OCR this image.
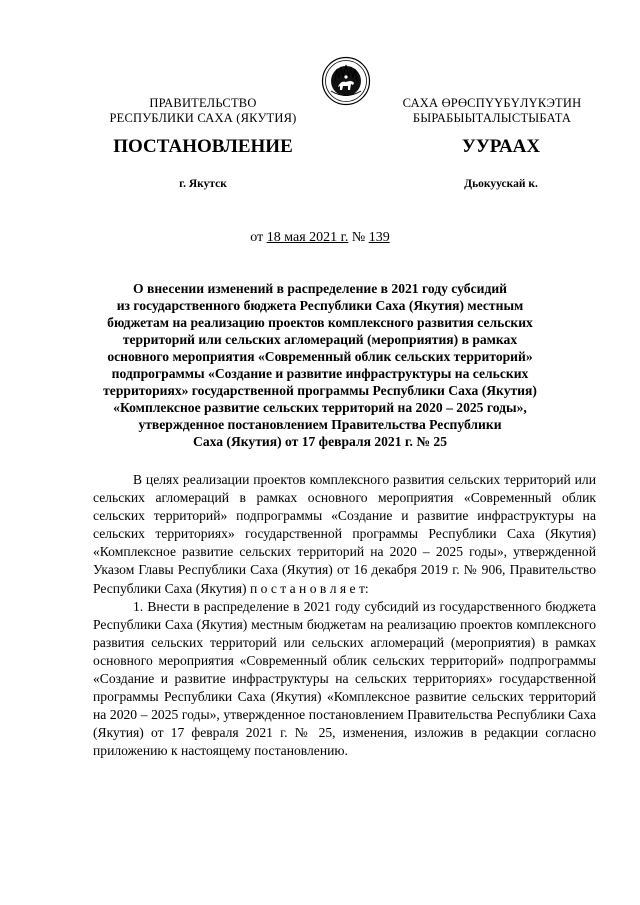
ПРАВИТЕЛЬСТВО
РЕСПУБЛИКИ САХА (ЯКУТИЯ)
САХА ӨРӨСПҮҮБҮЛҮКЭТИН
БЫРАБЫЫТАЛЫСТЫБАТА
ПОСТАНОВЛЕНИЕ	УУРААХ
г. Якутск	Дьокуускай к.
от 18 мая 2021 г. № 139
О внесении изменений в распределение в 2021 году субсидий
из государственного бюджета Республики Саха (Якутия) местным
бюджетам на реализацию проектов комплексного развития сельских
территорий или сельских агломераций (мероприятия) в рамках
основного мероприятия «Современный облик сельских территорий»
подпрограммы «Создание и развитие инфраструктуры на сельских
территориях» государственной программы Республики Саха (Якутия)
«Комплексное развитие сельских территорий на 2020 – 2025 годы»,
утвержденное постановлением Правительства Республики
Саха (Якутия) от 17 февраля 2021 г. № 25

В целях реализации проектов комплексного развития сельских территорий или сельских агломераций в рамках основного мероприятия «Современный облик сельских территорий» подпрограммы «Создание и развитие инфраструктуры на сельских территориях» государственной программы Республики Саха (Якутия) «Комплексное развитие сельских территорий на 2020 – 2025 годы», утвержденной Указом Главы Республики Саха (Якутия) от 16 декабря 2019 г. № 906, Правительство Республики Саха (Якутия) п о с т а н о в л я е т:

1. Внести в распределение в 2021 году субсидий из государственного бюджета Республики Саха (Якутия) местным бюджетам на реализацию проектов комплексного развития сельских территорий или сельских агломераций (мероприятия) в рамках основного мероприятия «Современный облик сельских территорий» подпрограммы «Создание и развитие инфраструктуры на сельских территориях» государственной программы Республики Саха (Якутия) «Комплексное развитие сельских территорий на 2020 – 2025 годы», утвержденное постановлением Правительства Республики Саха (Якутия) от 17 февраля 2021 г. № 25, изменения, изложив в редакции согласно приложению к настоящему постановлению.
